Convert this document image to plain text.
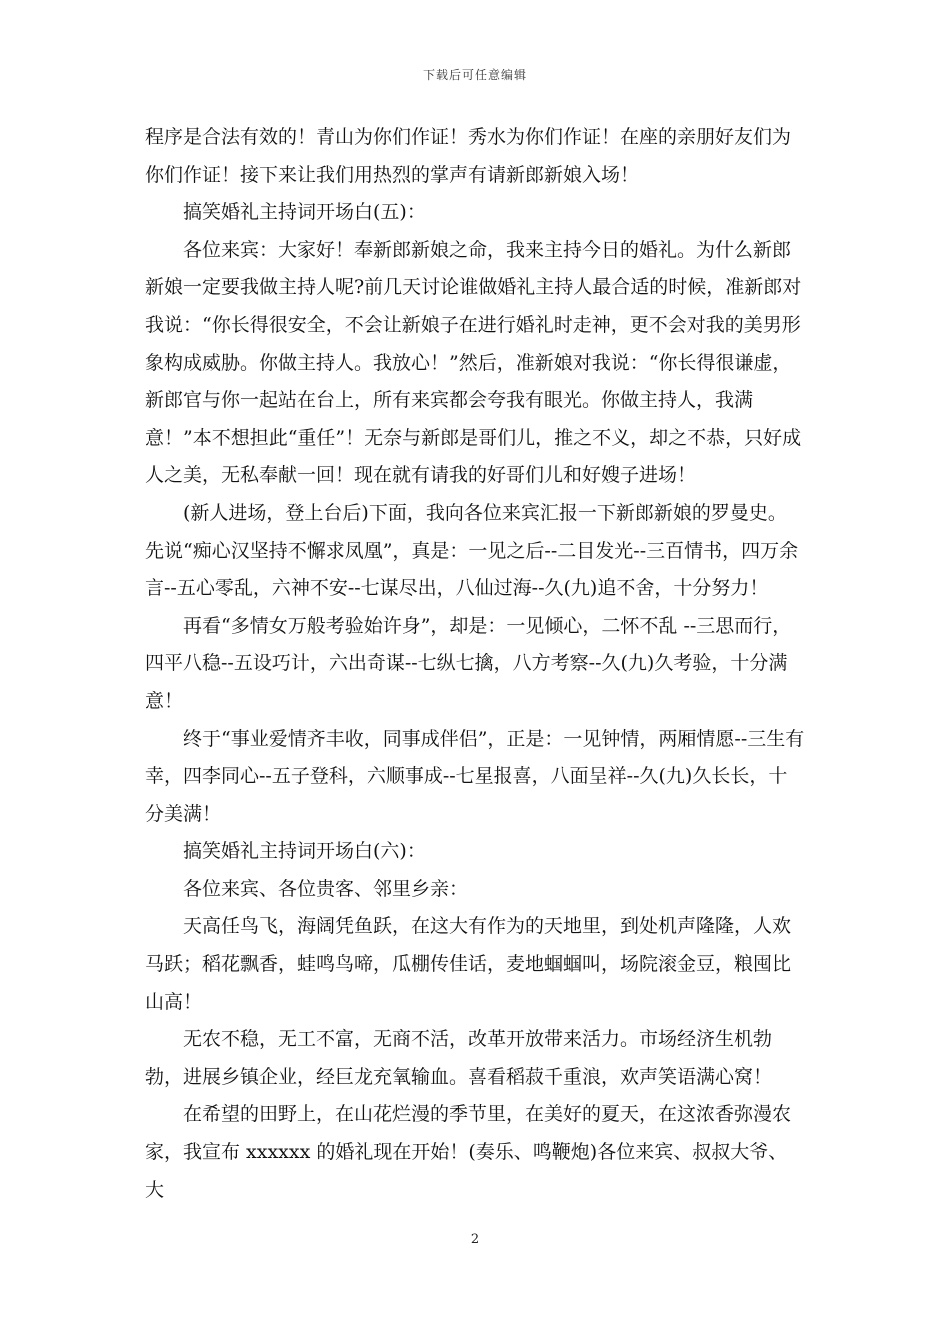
下载后可任意编辑

程序是合法有效的！青山为你们作证！秀水为你们作证！在座的亲朋好友们为你们作证！接下来让我们用热烈的掌声有请新郎新娘入场！

搞笑婚礼主持词开场白(五)：

各位来宾：大家好！奉新郎新娘之命，我来主持今日的婚礼。为什么新郎新娘一定要我做主持人呢?前几天讨论谁做婚礼主持人最合适的时候，准新郎对我说：“你长得很安全，不会让新娘子在进行婚礼时走神，更不会对我的美男形象构成威胁。你做主持人。我放心！”然后，准新娘对我说：“你长得很谦虚，新郎官与你一起站在台上，所有来宾都会夸我有眼光。你做主持人，我满意！”本不想担此“重任”！无奈与新郎是哥们儿，推之不义，却之不恭，只好成人之美，无私奉献一回！现在就有请我的好哥们儿和好嫂子进场！

(新人进场，登上台后)下面，我向各位来宾汇报一下新郎新娘的罗曼史。先说“痴心汉坚持不懈求凤凰”，真是：一见之后--二目发光--三百情书，四万余言--五心零乱，六神不安--七谋尽出，八仙过海--久(九)追不舍，十分努力！

再看“多情女万般考验始许身”，却是：一见倾心，二怀不乱 --三思而行，四平八稳--五设巧计，六出奇谋--七纵七擒，八方考察--久(九)久考验，十分满意！

终于“事业爱情齐丰收，同事成伴侣”，正是：一见钟情，两厢情愿--三生有幸，四李同心--五子登科，六顺事成--七星报喜，八面呈祥--久(九)久长长，十分美满！

搞笑婚礼主持词开场白(六)：

各位来宾、各位贵客、邻里乡亲：

天高任鸟飞，海阔凭鱼跃，在这大有作为的天地里，到处机声隆隆，人欢马跃；稻花飘香，蛙鸣鸟啼，瓜棚传佳话，麦地蝈蝈叫，场院滚金豆，粮囤比山高！

无农不稳，无工不富，无商不活，改革开放带来活力。市场经济生机勃勃，进展乡镇企业，经巨龙充氧输血。喜看稻菽千重浪，欢声笑语满心窝！

在希望的田野上，在山花烂漫的季节里，在美好的夏天，在这浓香弥漫农家，我宣布 xxxxxx 的婚礼现在开始！(奏乐、鸣鞭炮)各位来宾、叔叔大爷、大

2
